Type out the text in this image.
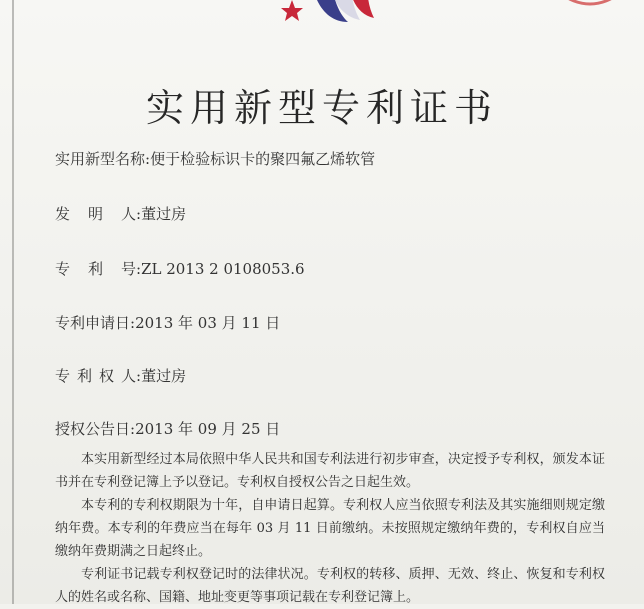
实用新型专利证书
实用新型名称:便于检验标识卡的聚四氟乙烯软管
发 明 人:董过房
专 利 号:ZL 2013 2 0108053.6
专利申请日:2013 年 03 月 11 日
专 利 权 人:董过房
授权公告日:2013 年 09 月 25 日

本实用新型经过本局依照中华人民共和国专利法进行初步审查，决定授予专利权，颁发本证书并在专利登记簿上予以登记。专利权自授权公告之日起生效。

本专利的专利权期限为十年，自申请日起算。专利权人应当依照专利法及其实施细则规定缴纳年费。本专利的年费应当在每年 03 月 11 日前缴纳。未按照规定缴纳年费的，专利权自应当缴纳年费期满之日起终止。

专利证书记载专利权登记时的法律状况。专利权的转移、质押、无效、终止、恢复和专利权人的姓名或名称、国籍、地址变更等事项记载在专利登记簿上。
